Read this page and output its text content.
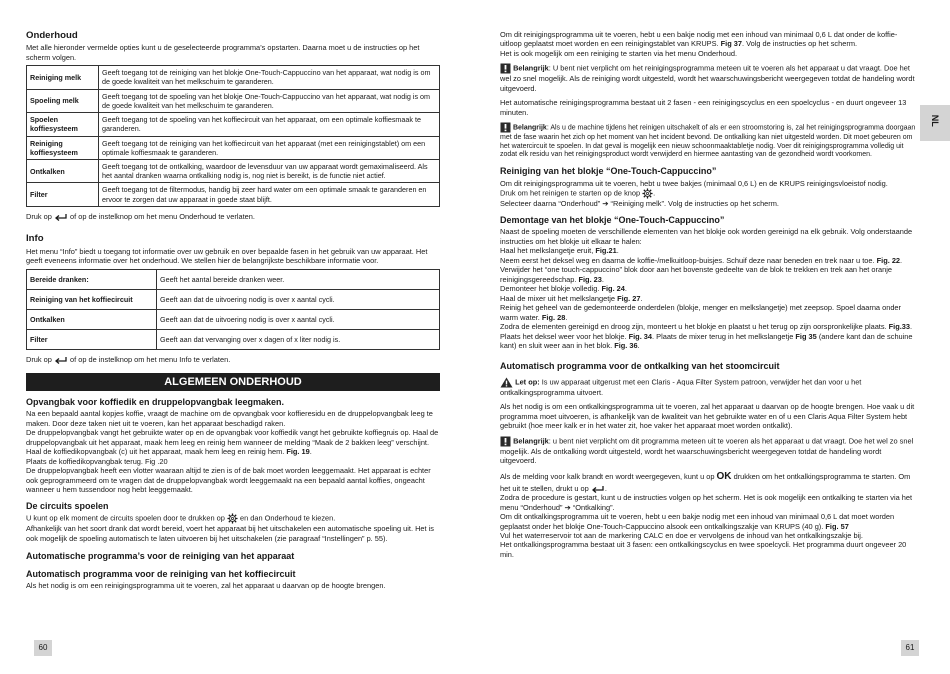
Onderhoud

Met alle hieronder vermelde opties kunt u de geselecteerde programma’s opstarten. Daarna moet u de instructies op het scherm volgen.

Reiniging melk	Geeft toegang tot de reiniging van het blokje One-Touch-Cappuccino van het apparaat, wat nodig is om de goede kwaliteit van het melkschuim te garanderen.
Spoeling melk	Geeft toegang tot de spoeling van het blokje One-Touch-Cappuccino van het apparaat, wat nodig is om de goede kwaliteit van het melkschuim te garanderen.
Spoelen koffiesysteem	Geeft toegang tot de spoeling van het koffiecircuit van het apparaat, om een optimale koffiesmaak te garanderen.
Reiniging koffiesysteem	Geeft toegang tot de reiniging van het koffiecircuit van het apparaat (met een reinigingstablet) om een optimale koffiesmaak te garanderen.
Ontkalken	Geeft toegang tot de ontkalking, waardoor de levensduur van uw apparaat wordt gemaximaliseerd. Als het aantal dranken waarna ontkalking nodig is, nog niet is bereikt, is de functie niet actief.
Filter	Geeft toegang tot de filtermodus, handig bij zeer hard water om een optimale smaak te garanderen en ervoor te zorgen dat uw apparaat in goede staat blijft.

Druk op of op de instelknop om het menu Onderhoud te verlaten.

Info

Het menu “Info” biedt u toegang tot informatie over uw gebruik en over bepaalde fasen in het gebruik van uw apparaat. Het geeft eveneens informatie over het onderhoud. We stellen hier de belangrijkste beschikbare informatie voor.

Bereide dranken:	Geeft het aantal bereide dranken weer.
Reiniging van het koffiecircuit	Geeft aan dat de uitvoering nodig is over x aantal cycli.
Ontkalken	Geeft aan dat de uitvoering nodig is over x aantal cycli.
Filter	Geeft aan dat vervanging over x dagen of x liter nodig is.

Druk op of op de instelknop om het menu Info te verlaten.

ALGEMEEN ONDERHOUD
Opvangbak voor koffiedik en druppelopvangbak leegmaken.

Na een bepaald aantal kopjes koffie, vraagt de machine om de opvangbak voor koffieresidu en de druppelopvangbak leeg te maken. Door deze taken niet uit te voeren, kan het apparaat beschadigd raken.

De druppelopvangbak vangt het gebruikte water op en de opvangbak voor koffiedik vangt het gebruikte koffiegruis op. Haal de druppelopvangbak uit het apparaat, maak hem leeg en reinig hem wanneer de melding “Maak de 2 bakken leeg” verschijnt. Haal de koffiedikopvangbak (c) uit het apparaat, maak hem leeg en reinig hem. Fig. 19.

Plaats de koffiedikopvangbak terug. Fig .20

De druppelopvangbak heeft een vlotter waaraan altijd te zien is of de bak moet worden leeggemaakt. Het apparaat is echter ook geprogrammeerd om te vragen dat de druppelopvangbak wordt leeggemaakt na een bepaald aantal koffies, ongeacht wanneer u hem tussendoor nog hebt leeggemaakt.

De circuits spoelen

U kunt op elk moment de circuits spoelen door te drukken op en dan Onderhoud te kiezen.

Afhankelijk van het soort drank dat wordt bereid, voert het apparaat bij het uitschakelen een automatische spoeling uit. Het is ook mogelijk de spoeling automatisch te laten uitvoeren bij het uitschakelen (zie paragraaf “Instellingen” p. 55).

Automatische programma’s voor de reiniging van het apparaat
Automatisch programma voor de reiniging van het koffiecircuit

Als het nodig is om een reinigingsprogramma uit te voeren, zal het apparaat u daarvan op de hoogte brengen.

60

Om dit reinigingsprogramma uit te voeren, hebt u een bakje nodig met een inhoud van minimaal 0,6 L dat onder de koffie-uitloop geplaatst moet worden en een reinigingstablet van KRUPS. Fig 37. Volg de instructies op het scherm.

Het is ook mogelijk om een reiniging te starten via het menu Onderhoud.

Belangrijk: U bent niet verplicht om het reinigingsprogramma meteen uit te voeren als het apparaat u dat vraagt. Doe het wel zo snel mogelijk. Als de reiniging wordt uitgesteld, wordt het waarschuwingsbericht weergegeven totdat de handeling wordt uitgevoerd.

Het automatische reinigingsprogramma bestaat uit 2 fasen - een reinigingscyclus en een spoelcyclus - en duurt ongeveer 13 minuten.

Belangrijk: Als u de machine tijdens het reinigen uitschakelt of als er een stroomstoring is, zal het reinigingsprogramma doorgaan met de fase waarin het zich op het moment van het incident bevond. De ontkalking kan niet uitgesteld worden. Dit moet gebeuren om het watercircuit te spoelen. In dat geval is mogelijk een nieuw schoonmaaktabletje nodig. Voer dit reinigingsprogramma volledig uit zodat elk residu van het reinigingsproduct wordt verwijderd en hiermee aantasting van de gezondheid wordt voorkomen.

Reiniging van het blokje “One-Touch-Cappuccino”

Om dit reinigingsprogramma uit te voeren, hebt u twee bakjes (minimaal 0,6 L) en de KRUPS reinigingsvloeistof nodig.

Druk om het reinigen te starten op de knop .

Selecteer daarna “Onderhoud” ➔ “Reiniging melk”. Volg de instructies op het scherm.

Demontage van het blokje “One-Touch-Cappuccino”

Naast de spoeling moeten de verschillende elementen van het blokje ook worden gereinigd na elk gebruik. Volg onderstaande instructies om het blokje uit elkaar te halen:

Haal het melkslangetje eruit, Fig.21.

Neem eerst het deksel weg en daarna de koffie-/melkuitloop-buisjes. Schuif deze naar beneden en trek naar u toe. Fig. 22.

Verwijder het “one touch-cappuccino” blok door aan het bovenste gedeelte van de blok te trekken en trek aan het oranje reinigingsgereedschap. Fig. 23.

Demonteer het blokje volledig. Fig. 24.

Haal de mixer uit het melkslangetje Fig. 27.

Reinig het geheel van de gedemonteerde onderdelen (blokje, menger en melkslangetje) met zeepsop. Spoel daarna onder warm water. Fig. 28.

Zodra de elementen gereinigd en droog zijn, monteert u het blokje en plaatst u het terug op zijn oorspronkelijke plaats. Fig.33.

Plaats het deksel weer voor het blokje. Fig. 34. Plaats de mixer terug in het melkslangetje Fig 35 (andere kant dan de schuine kant) en sluit weer aan in het blok. Fig. 36.

Automatisch programma voor de ontkalking van het stoomcircuit

Let op: Is uw apparaat uitgerust met een Claris - Aqua Filter System patroon, verwijder het dan voor u het ontkalkingsprogramma uitvoert.

Als het nodig is om een ontkalkingsprogramma uit te voeren, zal het apparaat u daarvan op de hoogte brengen. Hoe vaak u dit programma moet uitvoeren, is afhankelijk van de kwaliteit van het gebruikte water en of u een Claris Aqua Filter System hebt gebruikt (hoe meer kalk er in het water zit, hoe vaker het apparaat moet worden ontkalkt).

Belangrijk: u bent niet verplicht om dit programma meteen uit te voeren als het apparaat u dat vraagt. Doe het wel zo snel mogelijk. Als de ontkalking wordt uitgesteld, wordt het waarschuwingsbericht weergegeven totdat de handeling wordt uitgevoerd.

Als de melding voor kalk brandt en wordt weergegeven, kunt u op OK drukken om het ontkalkingsprogramma te starten. Om het uit te stellen, drukt u op .

Zodra de procedure is gestart, kunt u de instructies volgen op het scherm. Het is ook mogelijk een ontkalking te starten via het menu “Onderhoud” ➔ “Ontkalking”.

Om dit ontkalkingsprogramma uit te voeren, hebt u een bakje nodig met een inhoud van minimaal 0,6 L dat moet worden geplaatst onder het blokje One-Touch-Cappuccino alsook een ontkalkingszakje van KRUPS (40 g). Fig. 57

Vul het waterreservoir tot aan de markering CALC en doe er vervolgens de inhoud van het ontkalkingszakje bij.

Het ontkalkingsprogramma bestaat uit 3 fasen: een ontkalkingscyclus en twee spoelcycli. Het programma duurt ongeveer 20 min.

NL
61
